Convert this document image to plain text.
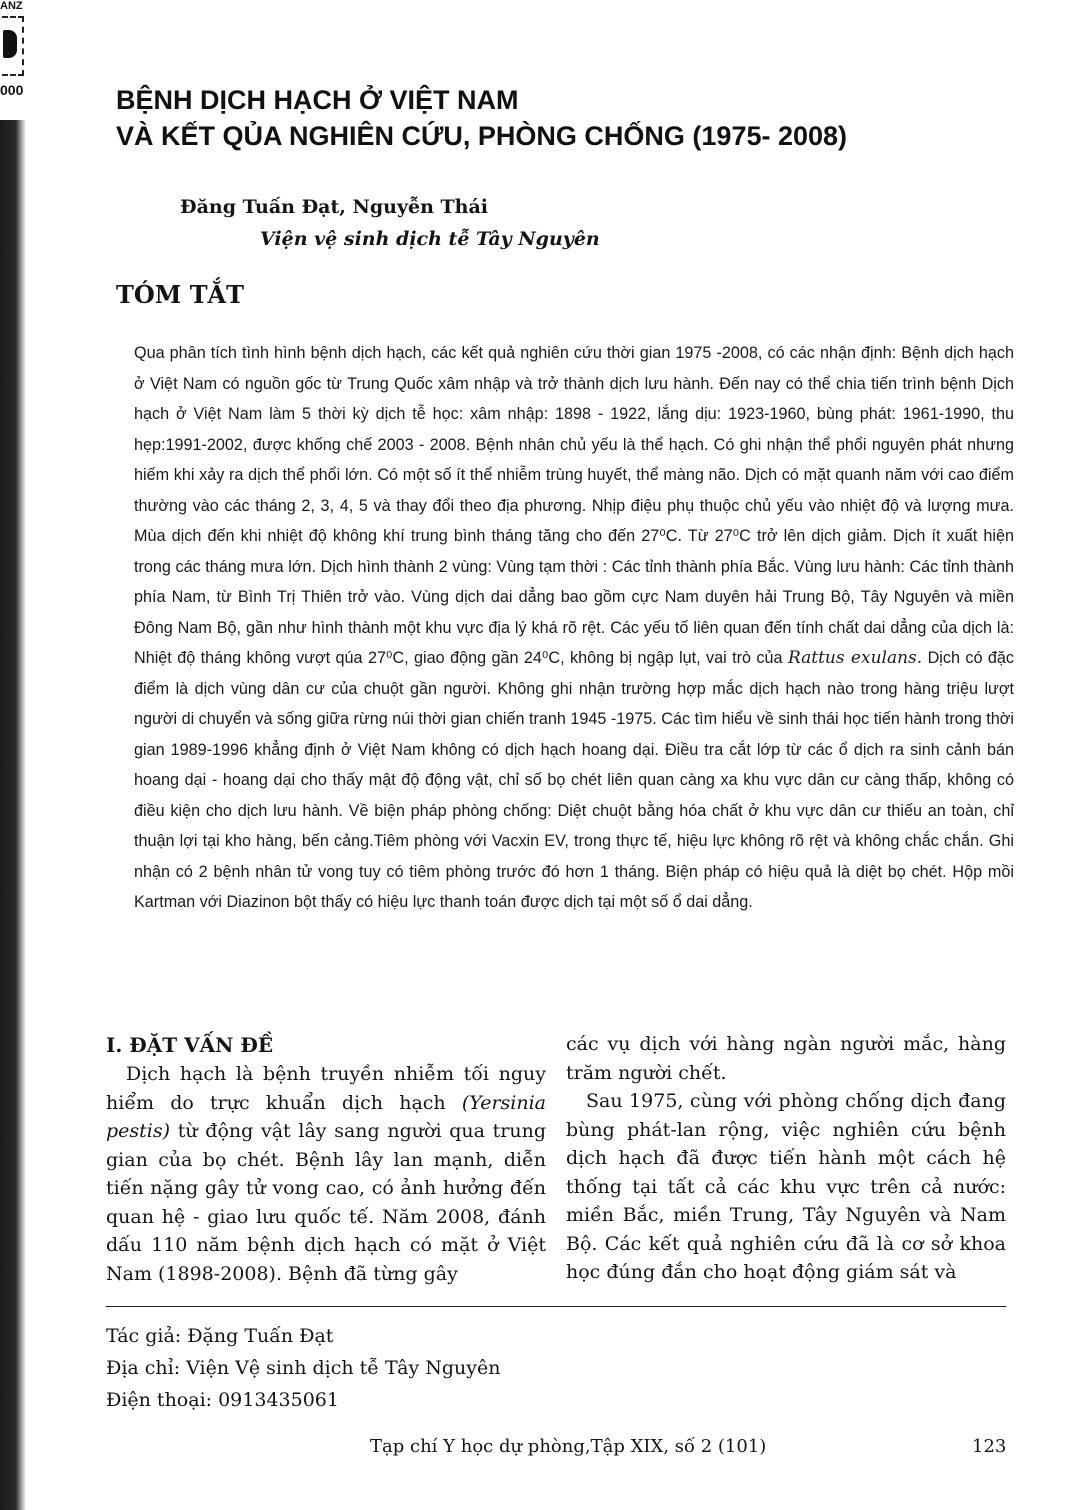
ANZ
000	BỆNH DỊCH HẠCH Ở VIỆT NAM
VÀ KẾT QỦA NGHIÊN CỨU, PHÒNG CHỐNG (1975- 2008)

Đăng Tuấn Đạt, Nguyễn Thái

Viện vệ sinh dịch tễ Tây Nguyên

TÓM TẮT

Qua phân tích tình hình bệnh dịch hạch, các kết quả nghiên cứu thời gian 1975 -2008, có các nhận định: Bệnh dịch hạch ở Việt Nam có nguồn gốc từ Trung Quốc xâm nhập và trở thành dịch lưu hành. Đến nay có thể chia tiến trình bệnh Dịch hạch ở Việt Nam làm 5 thời kỳ dịch tễ học: xâm nhập: 1898 - 1922, lắng dịu: 1923-1960, bùng phát: 1961-1990, thu hẹp:1991-2002, được khống chế 2003 - 2008. Bệnh nhân chủ yếu là thể hạch. Có ghi nhận thể phổi nguyên phát nhưng hiếm khi xảy ra dịch thể phổi lớn. Có một số ít thể nhiễm trùng huyết, thể màng não. Dịch có mặt quanh năm với cao điểm thường vào các tháng 2, 3, 4, 5 và thay đổi theo địa phương. Nhịp điệu phụ thuộc chủ yếu vào nhiệt độ và lượng mưa. Mùa dịch đến khi nhiệt độ không khí trung bình tháng tăng cho đến 27⁰C. Từ 27⁰C trở lên dịch giảm. Dịch ít xuất hiện trong các tháng mưa lớn. Dịch hình thành 2 vùng: Vùng tạm thời : Các tỉnh thành phía Bắc. Vùng lưu hành: Các tỉnh thành phía Nam, từ Bình Trị Thiên trở vào. Vùng dịch dai dẳng bao gồm cực Nam duyên hải Trung Bộ, Tây Nguyên và miền Đông Nam Bộ, gần như hình thành một khu vực địa lý khá rõ rệt. Các yếu tố liên quan đến tính chất dai dẳng của dịch là: Nhiệt độ tháng không vượt qúa 27⁰C, giao động gần 24⁰C, không bị ngập lụt, vai trò của Rattus exulans. Dịch có đặc điểm là dịch vùng dân cư của chuột gần người. Không ghi nhận trường hợp mắc dịch hạch nào trong hàng triệu lượt người di chuyển và sống giữa rừng núi thời gian chiến tranh 1945 -1975. Các tìm hiểu về sinh thái học tiến hành trong thời gian 1989-1996 khẳng định ở Việt Nam không có dịch hạch hoang dại. Điều tra cắt lớp từ các ổ dịch ra sinh cảnh bán hoang dại - hoang dại cho thấy mật độ động vật, chỉ số bọ chét liên quan càng xa khu vực dân cư càng thấp, không có điều kiện cho dịch lưu hành. Về biện pháp phòng chống: Diệt chuột bằng hóa chất ở khu vực dân cư thiếu an toàn, chỉ thuận lợi tại kho hàng, bến cảng.Tiêm phòng với Vacxin EV, trong thực tế, hiệu lực không rõ rệt và không chắc chắn. Ghi nhận có 2 bệnh nhân tử vong tuy có tiêm phòng trước đó hơn 1 tháng. Biện pháp có hiệu quả là diệt bọ chét. Hộp mồi Kartman với Diazinon bột thấy có hiệu lực thanh toán được dịch tại một số ổ dai dẳng.

I. ĐẶT VẤN ĐỀ

Dịch hạch là bệnh truyền nhiễm tối nguy hiểm do trực khuẩn dịch hạch (Yersinia pestis) từ động vật lây sang người qua trung gian của bọ chét. Bệnh lây lan mạnh, diễn tiến nặng gây tử vong cao, có ảnh hưởng đến quan hệ - giao lưu quốc tế. Năm 2008, đánh dấu 110 năm bệnh dịch hạch có mặt ở Việt Nam (1898-2008). Bệnh đã từng gây

các vụ dịch với hàng ngàn người mắc, hàng trăm người chết.

Sau 1975, cùng với phòng chống dịch đang bùng phát-lan rộng, việc nghiên cứu bệnh dịch hạch đã được tiến hành một cách hệ thống tại tất cả các khu vực trên cả nước: miền Bắc, miền Trung, Tây Nguyên và Nam Bộ. Các kết quả nghiên cứu đã là cơ sở khoa học đúng đắn cho hoạt động giám sát và

Tác giả: Đặng Tuấn Đạt
Địa chỉ: Viện Vệ sinh dịch tễ Tây Nguyên
Điện thoại: 0913435061

Tạp chí Y học dự phòng,Tập XIX, số 2 (101)	123
